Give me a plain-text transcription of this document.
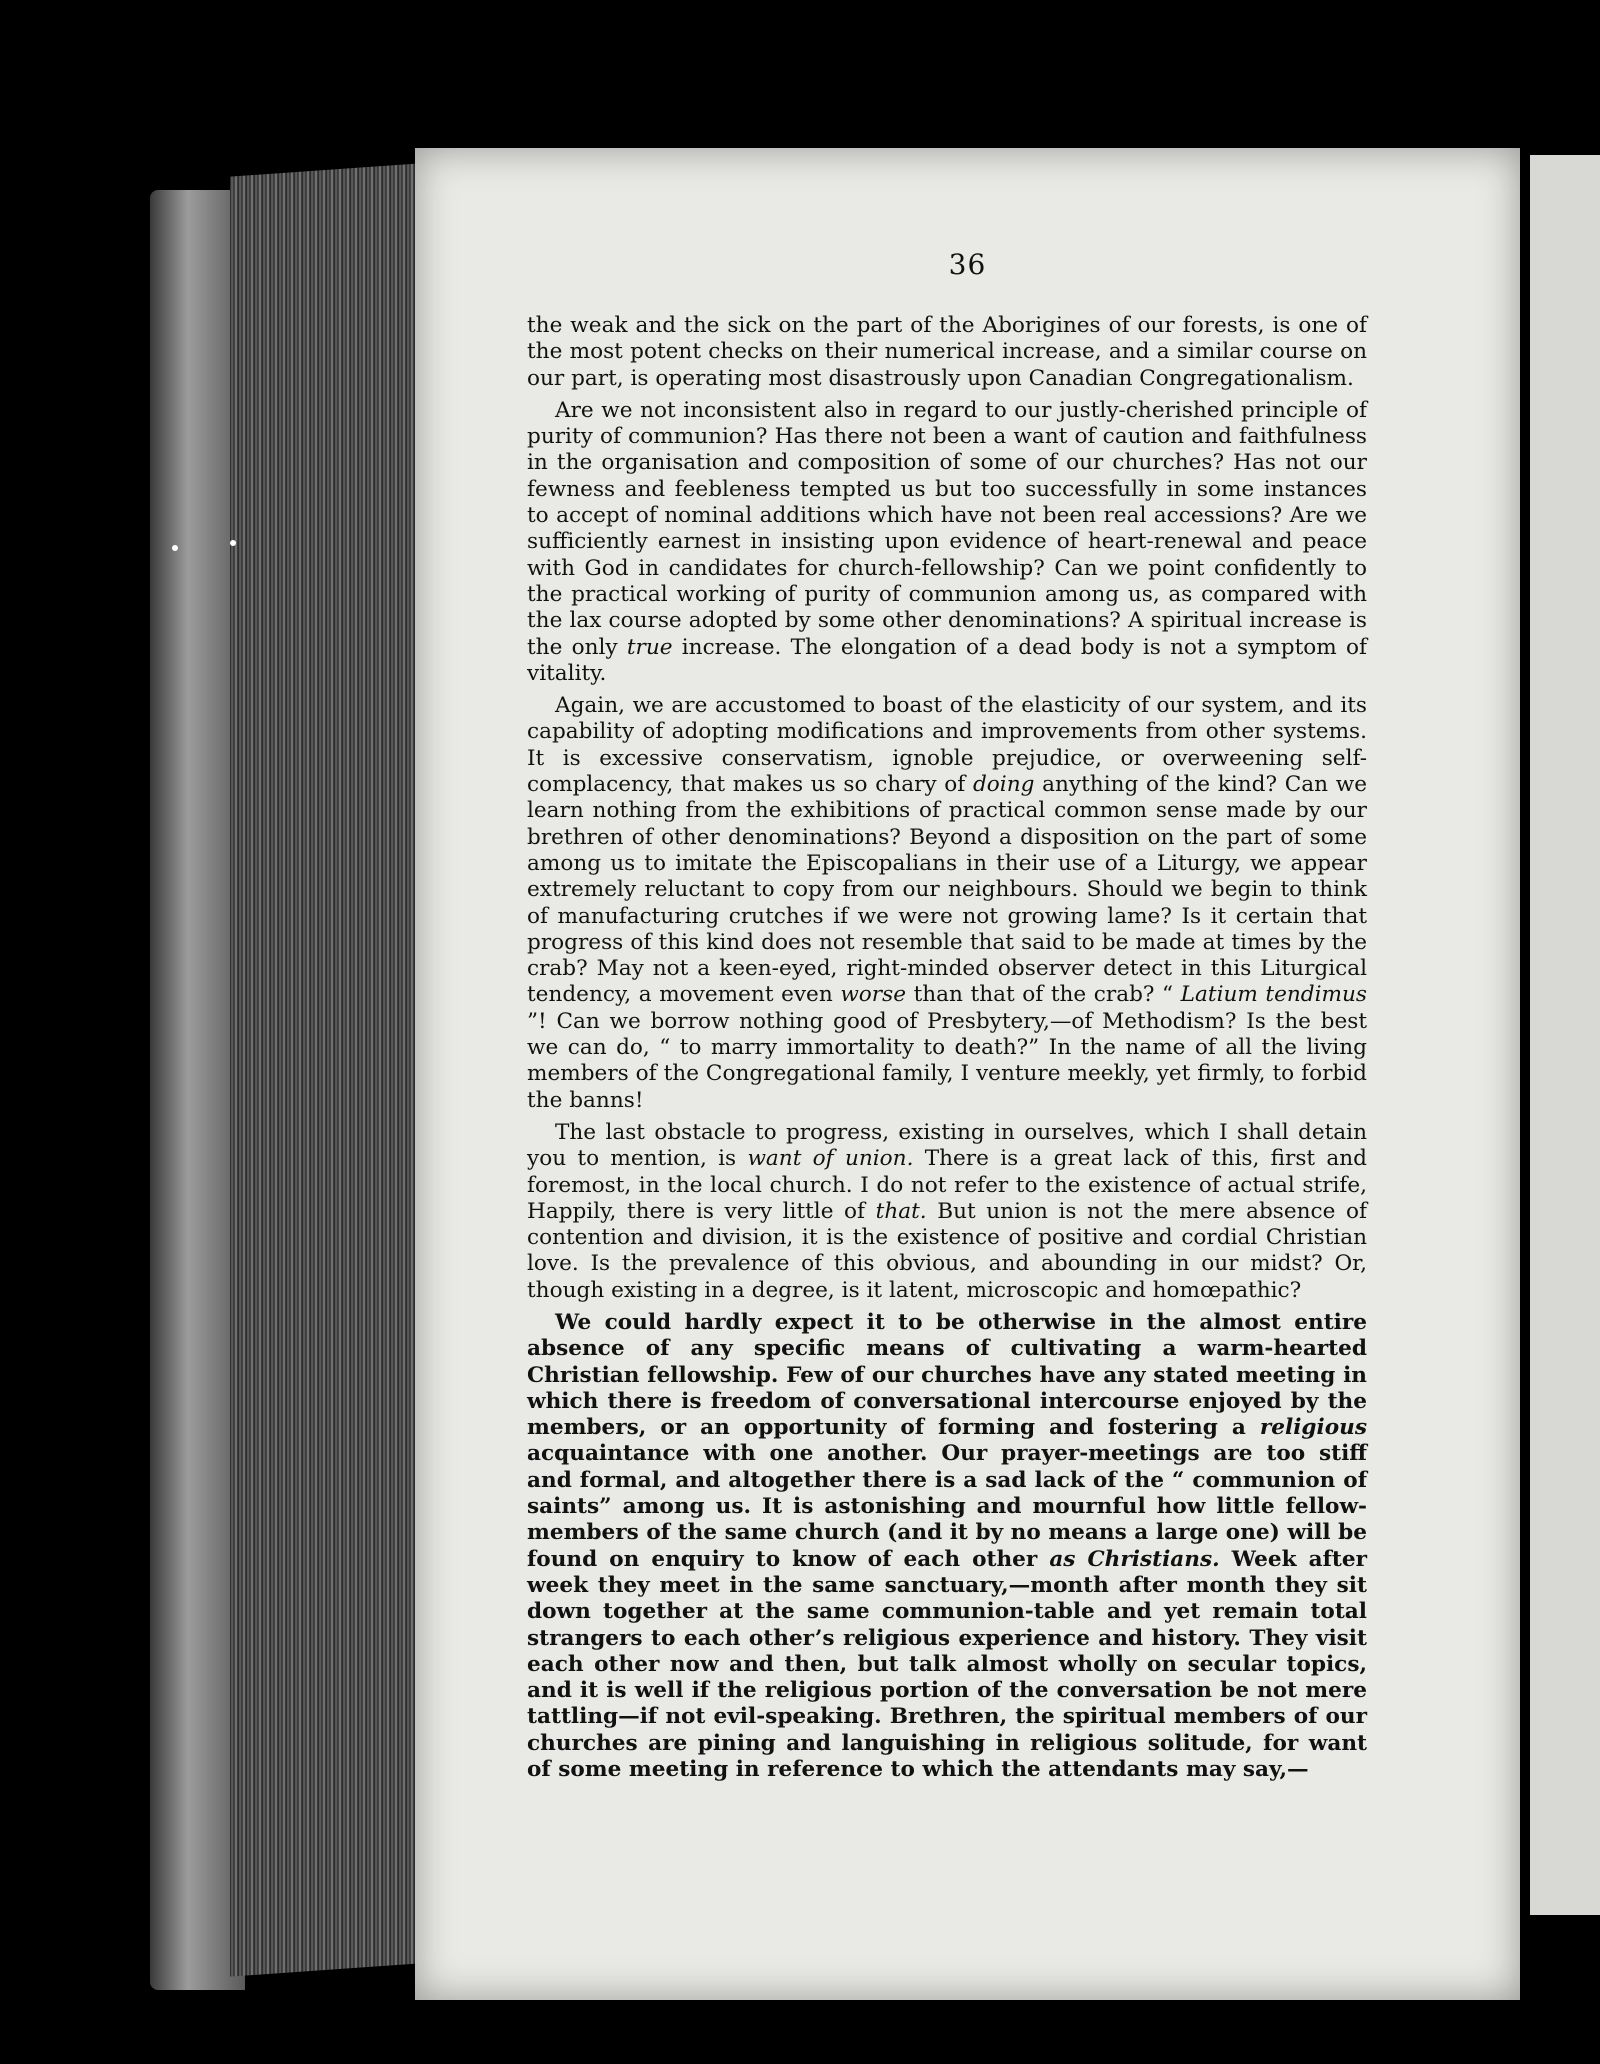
36

the weak and the sick on the part of the Aborigines of our forests, is one of the most potent checks on their numerical increase, and a similar course on our part, is operating most disastrously upon Canadian Congregationalism.

Are we not inconsistent also in regard to our justly-cherished principle of purity of communion? Has there not been a want of caution and faithfulness in the organisation and composition of some of our churches? Has not our fewness and feebleness tempted us but too successfully in some instances to accept of nominal additions which have not been real accessions? Are we sufficiently earnest in insisting upon evidence of heart-renewal and peace with God in candidates for church-fellowship? Can we point confidently to the practical working of purity of communion among us, as compared with the lax course adopted by some other denominations? A spiritual increase is the only true increase. The elongation of a dead body is not a symptom of vitality.

Again, we are accustomed to boast of the elasticity of our system, and its capability of adopting modifications and improvements from other systems. It is excessive conservatism, ignoble prejudice, or overweening self-complacency, that makes us so chary of doing anything of the kind? Can we learn nothing from the exhibitions of practical common sense made by our brethren of other denominations? Beyond a disposition on the part of some among us to imitate the Episcopalians in their use of a Liturgy, we appear extremely reluctant to copy from our neighbours. Should we begin to think of manufacturing crutches if we were not growing lame? Is it certain that progress of this kind does not resemble that said to be made at times by the crab? May not a keen-eyed, right-minded observer detect in this Liturgical tendency, a movement even worse than that of the crab? “ Latium tendimus ”! Can we borrow nothing good of Presbytery,—of Methodism? Is the best we can do, “ to marry immortality to death?” In the name of all the living members of the Congregational family, I venture meekly, yet firmly, to forbid the banns!

The last obstacle to progress, existing in ourselves, which I shall detain you to mention, is want of union. There is a great lack of this, first and foremost, in the local church. I do not refer to the existence of actual strife, Happily, there is very little of that. But union is not the mere absence of contention and division, it is the existence of positive and cordial Christian love. Is the prevalence of this obvious, and abounding in our midst? Or, though existing in a degree, is it latent, microscopic and homœpathic?

We could hardly expect it to be otherwise in the almost entire absence of any specific means of cultivating a warm-hearted Christian fellowship. Few of our churches have any stated meeting in which there is freedom of conversational intercourse enjoyed by the members, or an opportunity of forming and fostering a religious acquaintance with one another. Our prayer-meetings are too stiff and formal, and altogether there is a sad lack of the “ communion of saints” among us. It is astonishing and mournful how little fellow-members of the same church (and it by no means a large one) will be found on enquiry to know of each other as Christians. Week after week they meet in the same sanctuary,—month after month they sit down together at the same communion-table and yet remain total strangers to each other’s religious experience and history. They visit each other now and then, but talk almost wholly on secular topics, and it is well if the religious portion of the conversation be not mere tattling—if not evil-speaking. Brethren, the spiritual members of our churches are pining and languishing in religious solitude, for want of some meeting in reference to which the attendants may say,—
